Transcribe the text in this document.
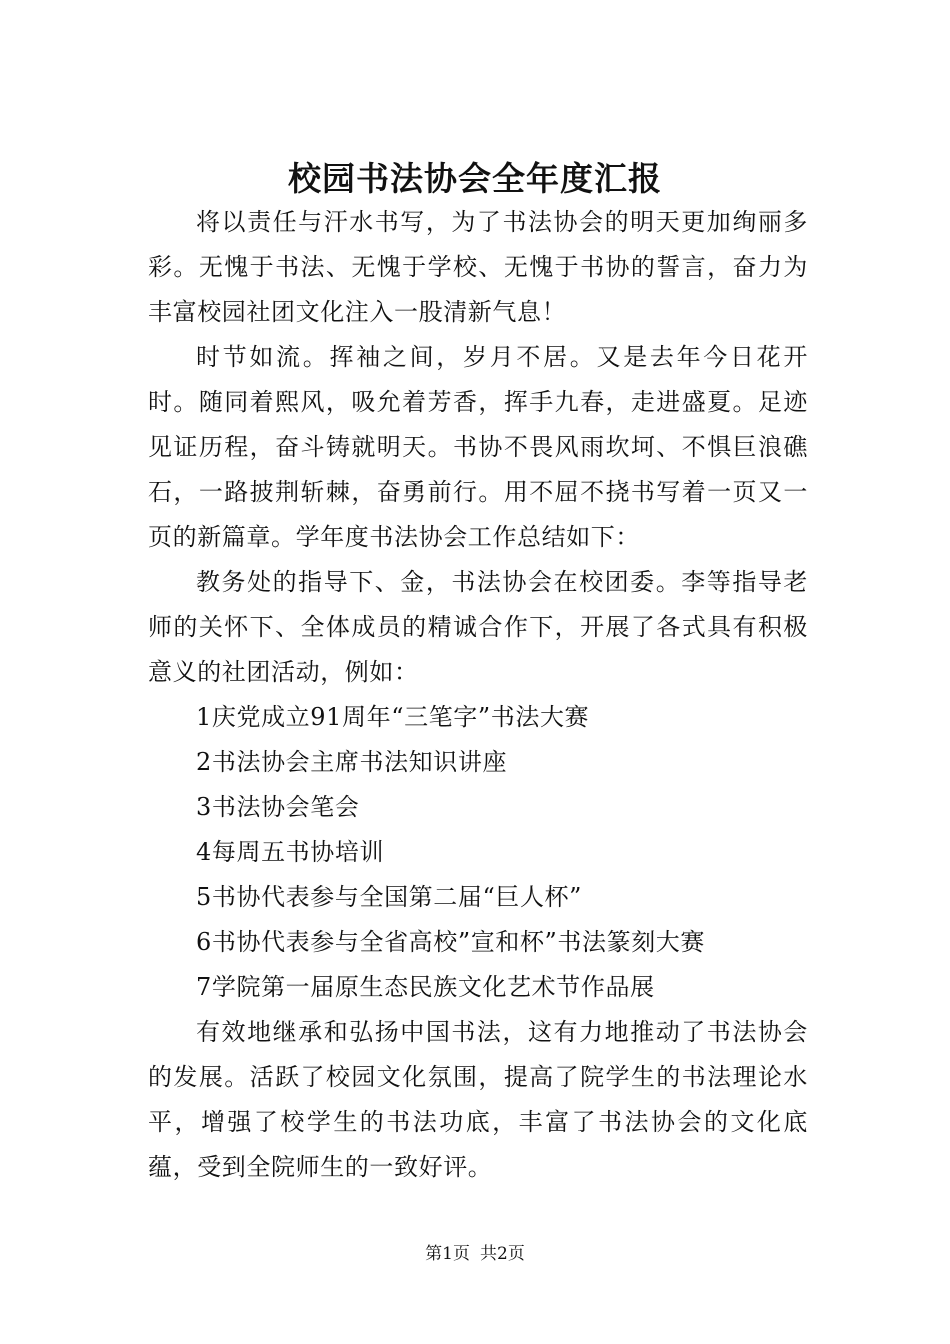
校园书法协会全年度汇报

将以责任与汗水书写，为了书法协会的明天更加绚丽多彩。无愧于书法、无愧于学校、无愧于书协的誓言，奋力为丰富校园社团文化注入一股清新气息！

时节如流。挥袖之间，岁月不居。又是去年今日花开时。随同着熙风，吸允着芳香，挥手九春，走进盛夏。足迹见证历程，奋斗铸就明天。书协不畏风雨坎坷、不惧巨浪礁石，一路披荆斩棘，奋勇前行。用不屈不挠书写着一页又一页的新篇章。学年度书法协会工作总结如下：

教务处的指导下、金，书法协会在校团委。李等指导老师的关怀下、全体成员的精诚合作下，开展了各式具有积极意义的社团活动，例如：

1庆党成立91周年“三笔字”书法大赛

2书法协会主席书法知识讲座

3书法协会笔会

4每周五书协培训

5书协代表参与全国第二届“巨人杯”

6书协代表参与全省高校”宣和杯”书法篆刻大赛

7学院第一届原生态民族文化艺术节作品展

有效地继承和弘扬中国书法，这有力地推动了书法协会的发展。活跃了校园文化氛围，提高了院学生的书法理论水平，增强了校学生的书法功底，丰富了书法协会的文化底蕴，受到全院师生的一致好评。

第1页 共2页
